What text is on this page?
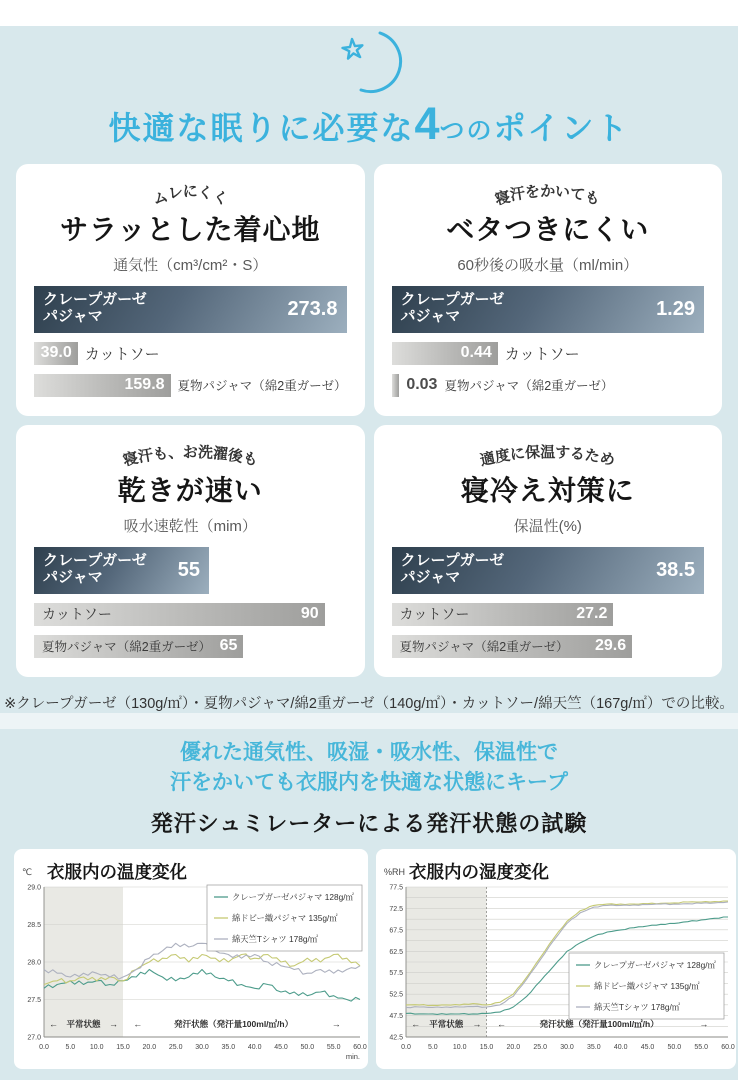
快適な眠りに必要な4つのポイント
ムレにくく
サラッとした着心地
通気性（cm³/cm²・S）
クレープガーゼ
パジャマ	273.8
39.0 カットソー
159.8	夏物パジャマ（綿2重ガーゼ）
寝汗をかいても
ベタつきにくい
60秒後の吸水量（ml/min）
クレープガーゼ
パジャマ	1.29
0.44 カットソー
0.03 夏物パジャマ（綿2重ガーゼ）
寝汗も、お洗濯後も
乾きが速い
吸水速乾性（mim）
クレープガーゼ
パジャマ	55
カットソー	90
夏物パジャマ（綿2重ガーゼ） 65
適度に保温するため
寝冷え対策に
保温性(%)
クレープガーゼ
パジャマ	38.5
カットソー	27.2
夏物パジャマ（綿2重ガーゼ） 29.6

※クレープガーゼ（130g/㎡）・夏物パジャマ/綿2重ガーゼ（140g/㎡）・カットソー/綿天竺（167g/㎡）での比較。

優れた通気性、吸湿・吸水性、保温性で
汗をかいても衣服内を快適な状態にキープ

発汗シュミレーターによる発汗状態の試験
℃ 衣服内の温度変化
29.0
28.5
28.0
27.5
27.0
0.0 5.0 10.0 15.0 20.0 25.0 30.0 35.0 40.0 45.0 50.0 55.0 60.0
min.
← 平常状態 → ←	発汗状態（発汗量100ml/㎡/h）	→
クレープガーゼパジャマ 128g/㎡
綿ドビー織パジャマ 135g/㎡
綿天竺Tシャツ 178g/㎡
%RH 衣服内の湿度変化
77.5
72.5
67.5
62.5
57.5
52.5
47.5
42.5
0.0 5.0 10.0 15.0 20.0 25.0 30.0 35.0 40.0 45.0 50.0 55.0 60.0
← 平常状態 → ←	発汗状態（発汗量100ml/㎡/h）	→
クレープガーゼパジャマ 128g/㎡
綿ドビー織パジャマ 135g/㎡
綿天竺Tシャツ 178g/㎡
